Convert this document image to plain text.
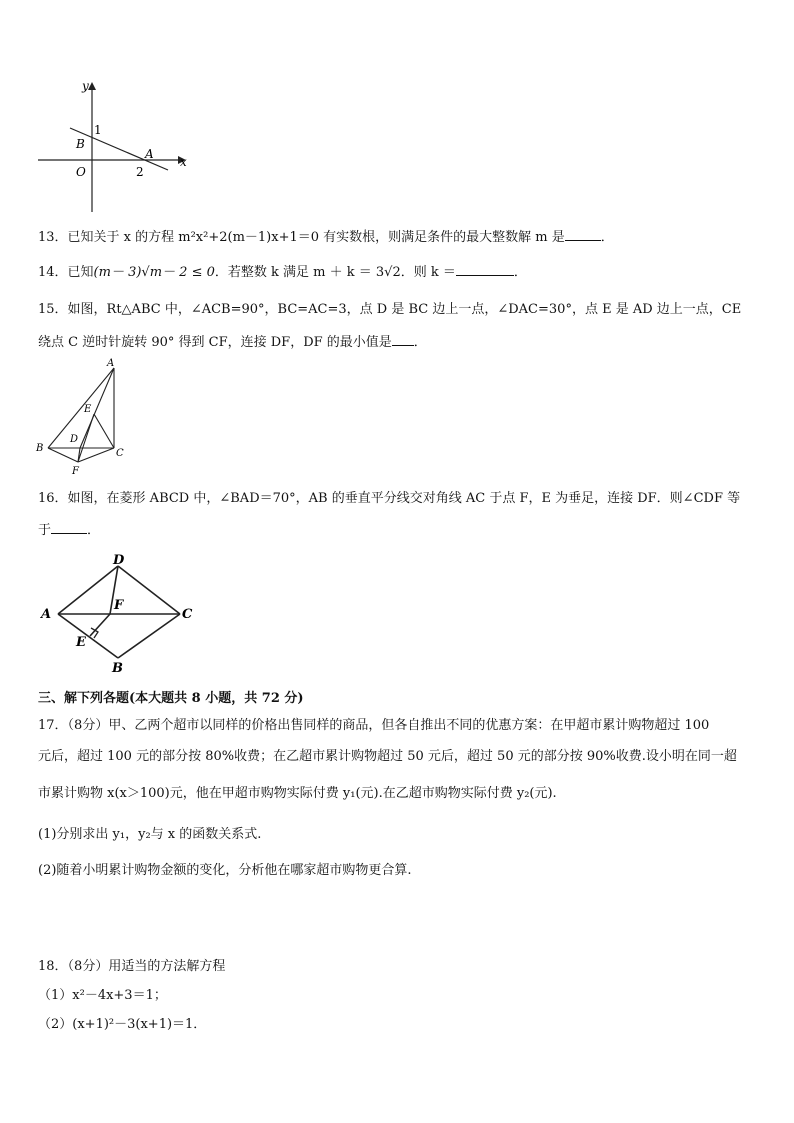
y
x
1
B
A
O	2
13．已知关于 x 的方程 m²x²+2(m－1)x+1＝0 有实数根，则满足条件的最大整数解 m 是	．
14．已知(m－ 3)√m－ 2 ≤ 0．若整数 k 满足 m ＋ k ＝ 3√2．则 k ＝	．
15．如图，Rt△ABC 中，∠ACB=90°，BC=AC=3，点 D 是 BC 边上一点，∠DAC=30°，点 E 是 AD 边上一点，CE
绕点 C 逆时针旋转 90° 得到 CF，连接 DF，DF 的最小值是 ．
A
E
D
B	C
F
16．如图，在菱形 ABCD 中，∠BAD＝70°，AB 的垂直平分线交对角线 AC 于点 F，E 为垂足，连接 DF．则∠CDF 等
于	．
D
A
F
C
E
B
三、解下列各题(本大题共 8 小题，共 72 分)
17．（8分）甲、乙两个超市以同样的价格出售同样的商品，但各自推出不同的优惠方案：在甲超市累计购物超过 100
元后，超过 100 元的部分按 80%收费；在乙超市累计购物超过 50 元后，超过 50 元的部分按 90%收费.设小明在同一超
市累计购物 x(x＞100)元，他在甲超市购物实际付费 y₁(元).在乙超市购物实际付费 y₂(元).
(1)分别求出 y₁，y₂与 x 的函数关系式.
(2)随着小明累计购物金额的变化，分析他在哪家超市购物更合算.
18．（8分）用适当的方法解方程
（1）x²－4x+3＝1；
（2）(x+1)²－3(x+1)＝1．
